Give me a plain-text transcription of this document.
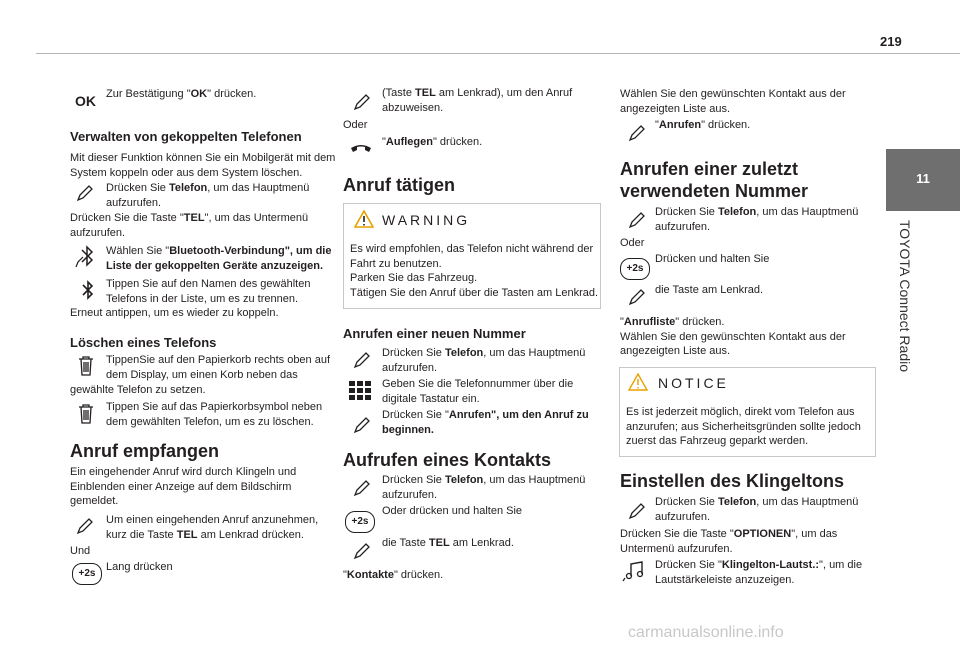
219
11
TOYOTA Connect Radio
OK Zur Bestätigung "OK" drücken.
Verwalten von gekoppelten Telefonen
Mit dieser Funktion können Sie ein Mobilgerät mit dem
System koppeln oder aus dem System löschen.
Drücken Sie Telefon, um das Hauptmenü
aufzurufen.
Drücken Sie die Taste "TEL", um das Untermenü
aufzurufen.
Wählen Sie "Bluetooth-Verbindung", um die
Liste der gekoppelten Geräte anzuzeigen.
Tippen Sie auf den Namen des gewählten
Telefons in der Liste, um es zu trennen.
Erneut antippen, um es wieder zu koppeln.
Löschen eines Telefons
TippenSie auf den Papierkorb rechts oben auf
dem Display, um einen Korb neben das
gewählte Telefon zu setzen.
Tippen Sie auf das Papierkorbsymbol neben
dem gewählten Telefon, um es zu löschen.
Anruf empfangen
Ein eingehender Anruf wird durch Klingeln und
Einblenden einer Anzeige auf dem Bildschirm
gemeldet.
Um einen eingehenden Anruf anzunehmen,
kurz die Taste TEL am Lenkrad drücken.
Und
+2s
Lang drücken
(Taste TEL am Lenkrad), um den Anruf
abzuweisen.
Oder
"Auflegen" drücken.
Anruf tätigen
WARNING
Es wird empfohlen, das Telefon nicht während der
Fahrt zu benutzen.
Parken Sie das Fahrzeug.
Tätigen Sie den Anruf über die Tasten am Lenkrad.
Anrufen einer neuen Nummer
Drücken Sie Telefon, um das Hauptmenü
aufzurufen.
Geben Sie die Telefonnummer über die
digitale Tastatur ein.
Drücken Sie "Anrufen", um den Anruf zu
beginnen.
Aufrufen eines Kontakts
Drücken Sie Telefon, um das Hauptmenü
aufzurufen.
+2s
Oder drücken und halten Sie
die Taste TEL am Lenkrad.
"Kontakte" drücken.
Wählen Sie den gewünschten Kontakt aus der
angezeigten Liste aus.
"Anrufen" drücken.
Anrufen einer zuletzt
verwendeten Nummer
Drücken Sie Telefon, um das Hauptmenü
aufzurufen.
Oder
+2s
Drücken und halten Sie
die Taste am Lenkrad.
"Anrufliste" drücken.
Wählen Sie den gewünschten Kontakt aus der
angezeigten Liste aus.
NOTICE
Es ist jederzeit möglich, direkt vom Telefon aus
anzurufen; aus Sicherheitsgründen sollte jedoch
zuerst das Fahrzeug geparkt werden.
Einstellen des Klingeltons
Drücken Sie Telefon, um das Hauptmenü
aufzurufen.
Drücken Sie die Taste "OPTIONEN", um das
Untermenü aufzurufen.
Drücken Sie "Klingelton-Lautst.:", um die
Lautstärkeleiste anzuzeigen.
carmanualsonline.info
